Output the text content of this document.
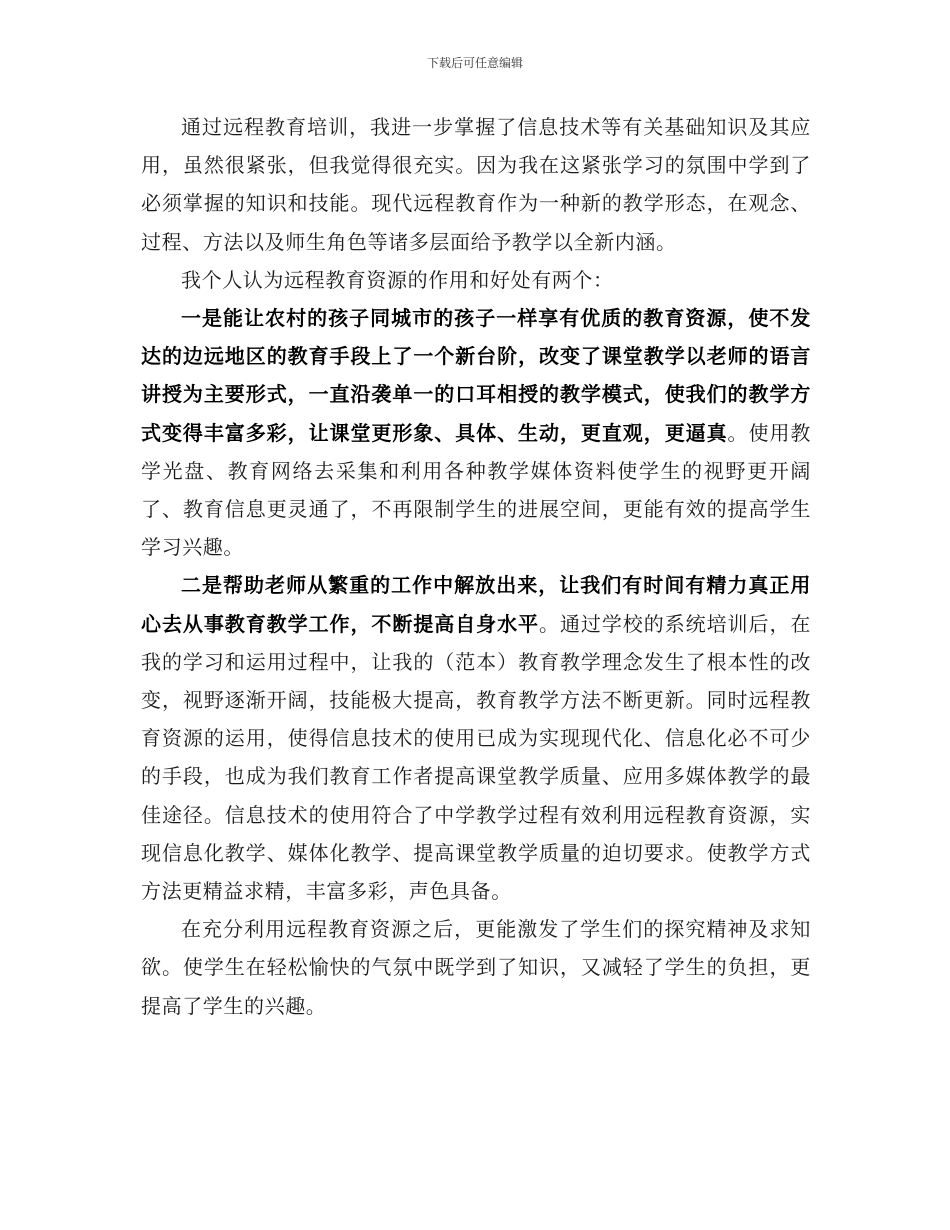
下载后可任意编辑

通过远程教育培训，我进一步掌握了信息技术等有关基础知识及其应用，虽然很紧张，但我觉得很充实。因为我在这紧张学习的氛围中学到了必须掌握的知识和技能。现代远程教育作为一种新的教学形态，在观念、过程、方法以及师生角色等诸多层面给予教学以全新内涵。

我个人认为远程教育资源的作用和好处有两个：

一是能让农村的孩子同城市的孩子一样享有优质的教育资源，使不发达的边远地区的教育手段上了一个新台阶，改变了课堂教学以老师的语言讲授为主要形式，一直沿袭单一的口耳相授的教学模式，使我们的教学方式变得丰富多彩，让课堂更形象、具体、生动，更直观，更逼真。使用教学光盘、教育网络去采集和利用各种教学媒体资料使学生的视野更开阔了、教育信息更灵通了，不再限制学生的进展空间，更能有效的提高学生学习兴趣。

二是帮助老师从繁重的工作中解放出来，让我们有时间有精力真正用心去从事教育教学工作，不断提高自身水平。通过学校的系统培训后，在我的学习和运用过程中，让我的（范本）教育教学理念发生了根本性的改变，视野逐渐开阔，技能极大提高，教育教学方法不断更新。同时远程教育资源的运用，使得信息技术的使用已成为实现现代化、信息化必不可少的手段，也成为我们教育工作者提高课堂教学质量、应用多媒体教学的最佳途径。信息技术的使用符合了中学教学过程有效利用远程教育资源，实现信息化教学、媒体化教学、提高课堂教学质量的迫切要求。使教学方式方法更精益求精，丰富多彩，声色具备。

在充分利用远程教育资源之后，更能激发了学生们的探究精神及求知欲。使学生在轻松愉快的气氛中既学到了知识，又减轻了学生的负担，更提高了学生的兴趣。
